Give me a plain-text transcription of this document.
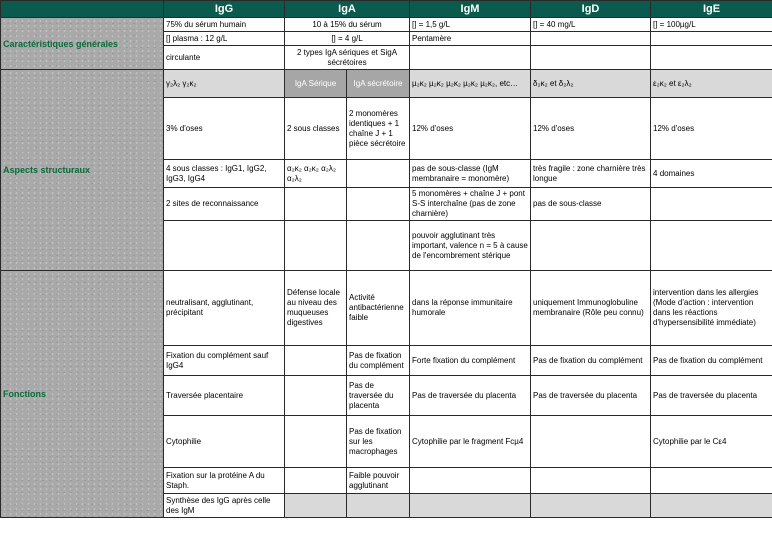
	IgG	IgA		IgM	IgD	IgE
Caractéristiques générales	75% du sérum humain	10 à 15% du sérum		[] = 1,5 g/L	[] = 40 mg/L	[] = 100µg/L
	[] plasma : 12 g/L	[] = 4 g/L		Pentamère		
	circulante	2 types IgA sériques et SigA sécrétoires				
Aspects structuraux	γ₂λ₂ γ₂κ₂	IgA Sérique	IgA sécrétoire	µ₂κ₂ µ₂κ₂ µ₂κ₂ µ₂κ₂ µ₂κ₂, etc…	δ₂κ₂ et δ₂λ₂	ε₂κ₂ et ε₂λ₂
	3% d'oses	2 sous classes	2 monomères identiques + 1 chaîne J + 1 pièce sécrétoire	12% d'oses	12% d'oses	12% d'oses
	4 sous classes : IgG1, IgG2, IgG3, IgG4	α₂κ₂ α₂κ₂ α₂λ₂ α₂λ₂		pas de sous-classe (IgM membranaire = monomère)	très fragile : zone charnière très longue	4 domaines
	2 sites de reconnaissance			5 monomères + chaîne J + pont S-S interchaîne (pas de zone charnière)	pas de sous-classe	
				pouvoir agglutinant très important, valence n = 5 à cause de l'encombrement stérique		
Fonctions	neutralisant, agglutinant, précipitant	Défense locale au niveau des muqueuses digestives	Activité antibactérienne faible	dans la réponse immunitaire humorale	uniquement Immunoglobuline membranaire (Rôle peu connu)	intervention dans les allergies (Mode d'action : intervention dans les réactions d'hypersensibilité immédiate)
	Fixation du complément sauf IgG4		Pas de fixation du complément	Forte fixation du complément	Pas de fixation du complément	Pas de fixation du complément
	Traversée placentaire		Pas de traversée du placenta	Pas de traversée du placenta	Pas de traversée du placenta	Pas de traversée du placenta
	Cytophilie		Pas de fixation sur les macrophages	Cytophilie par le fragment Fcµ4		Cytophilie par le Cε4
	Fixation sur la protéine A du Staph.		Faible pouvoir agglutinant			
	Synthèse des IgG après celle des IgM					
